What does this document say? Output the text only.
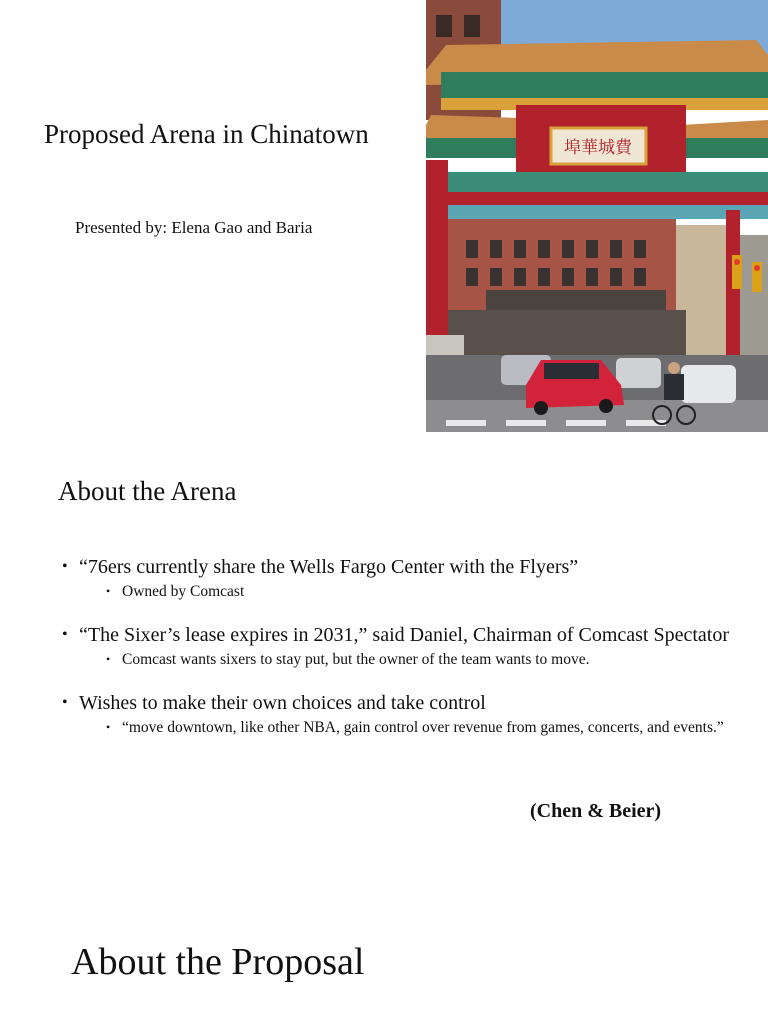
Proposed Arena in Chinatown
Presented by: Elena Gao and Baria
埠華城費
About the Arena
• “76ers currently share the Wells Fargo Center with the Flyers”
• Owned by Comcast
• “The Sixer’s lease expires in 2031,” said Daniel, Chairman of Comcast Spectator
• Comcast wants sixers to stay put, but the owner of the team wants to move.
• Wishes to make their own choices and take control
• “move downtown, like other NBA, gain control over revenue from games, concerts, and events.”
(Chen & Beier)
About the Proposal
